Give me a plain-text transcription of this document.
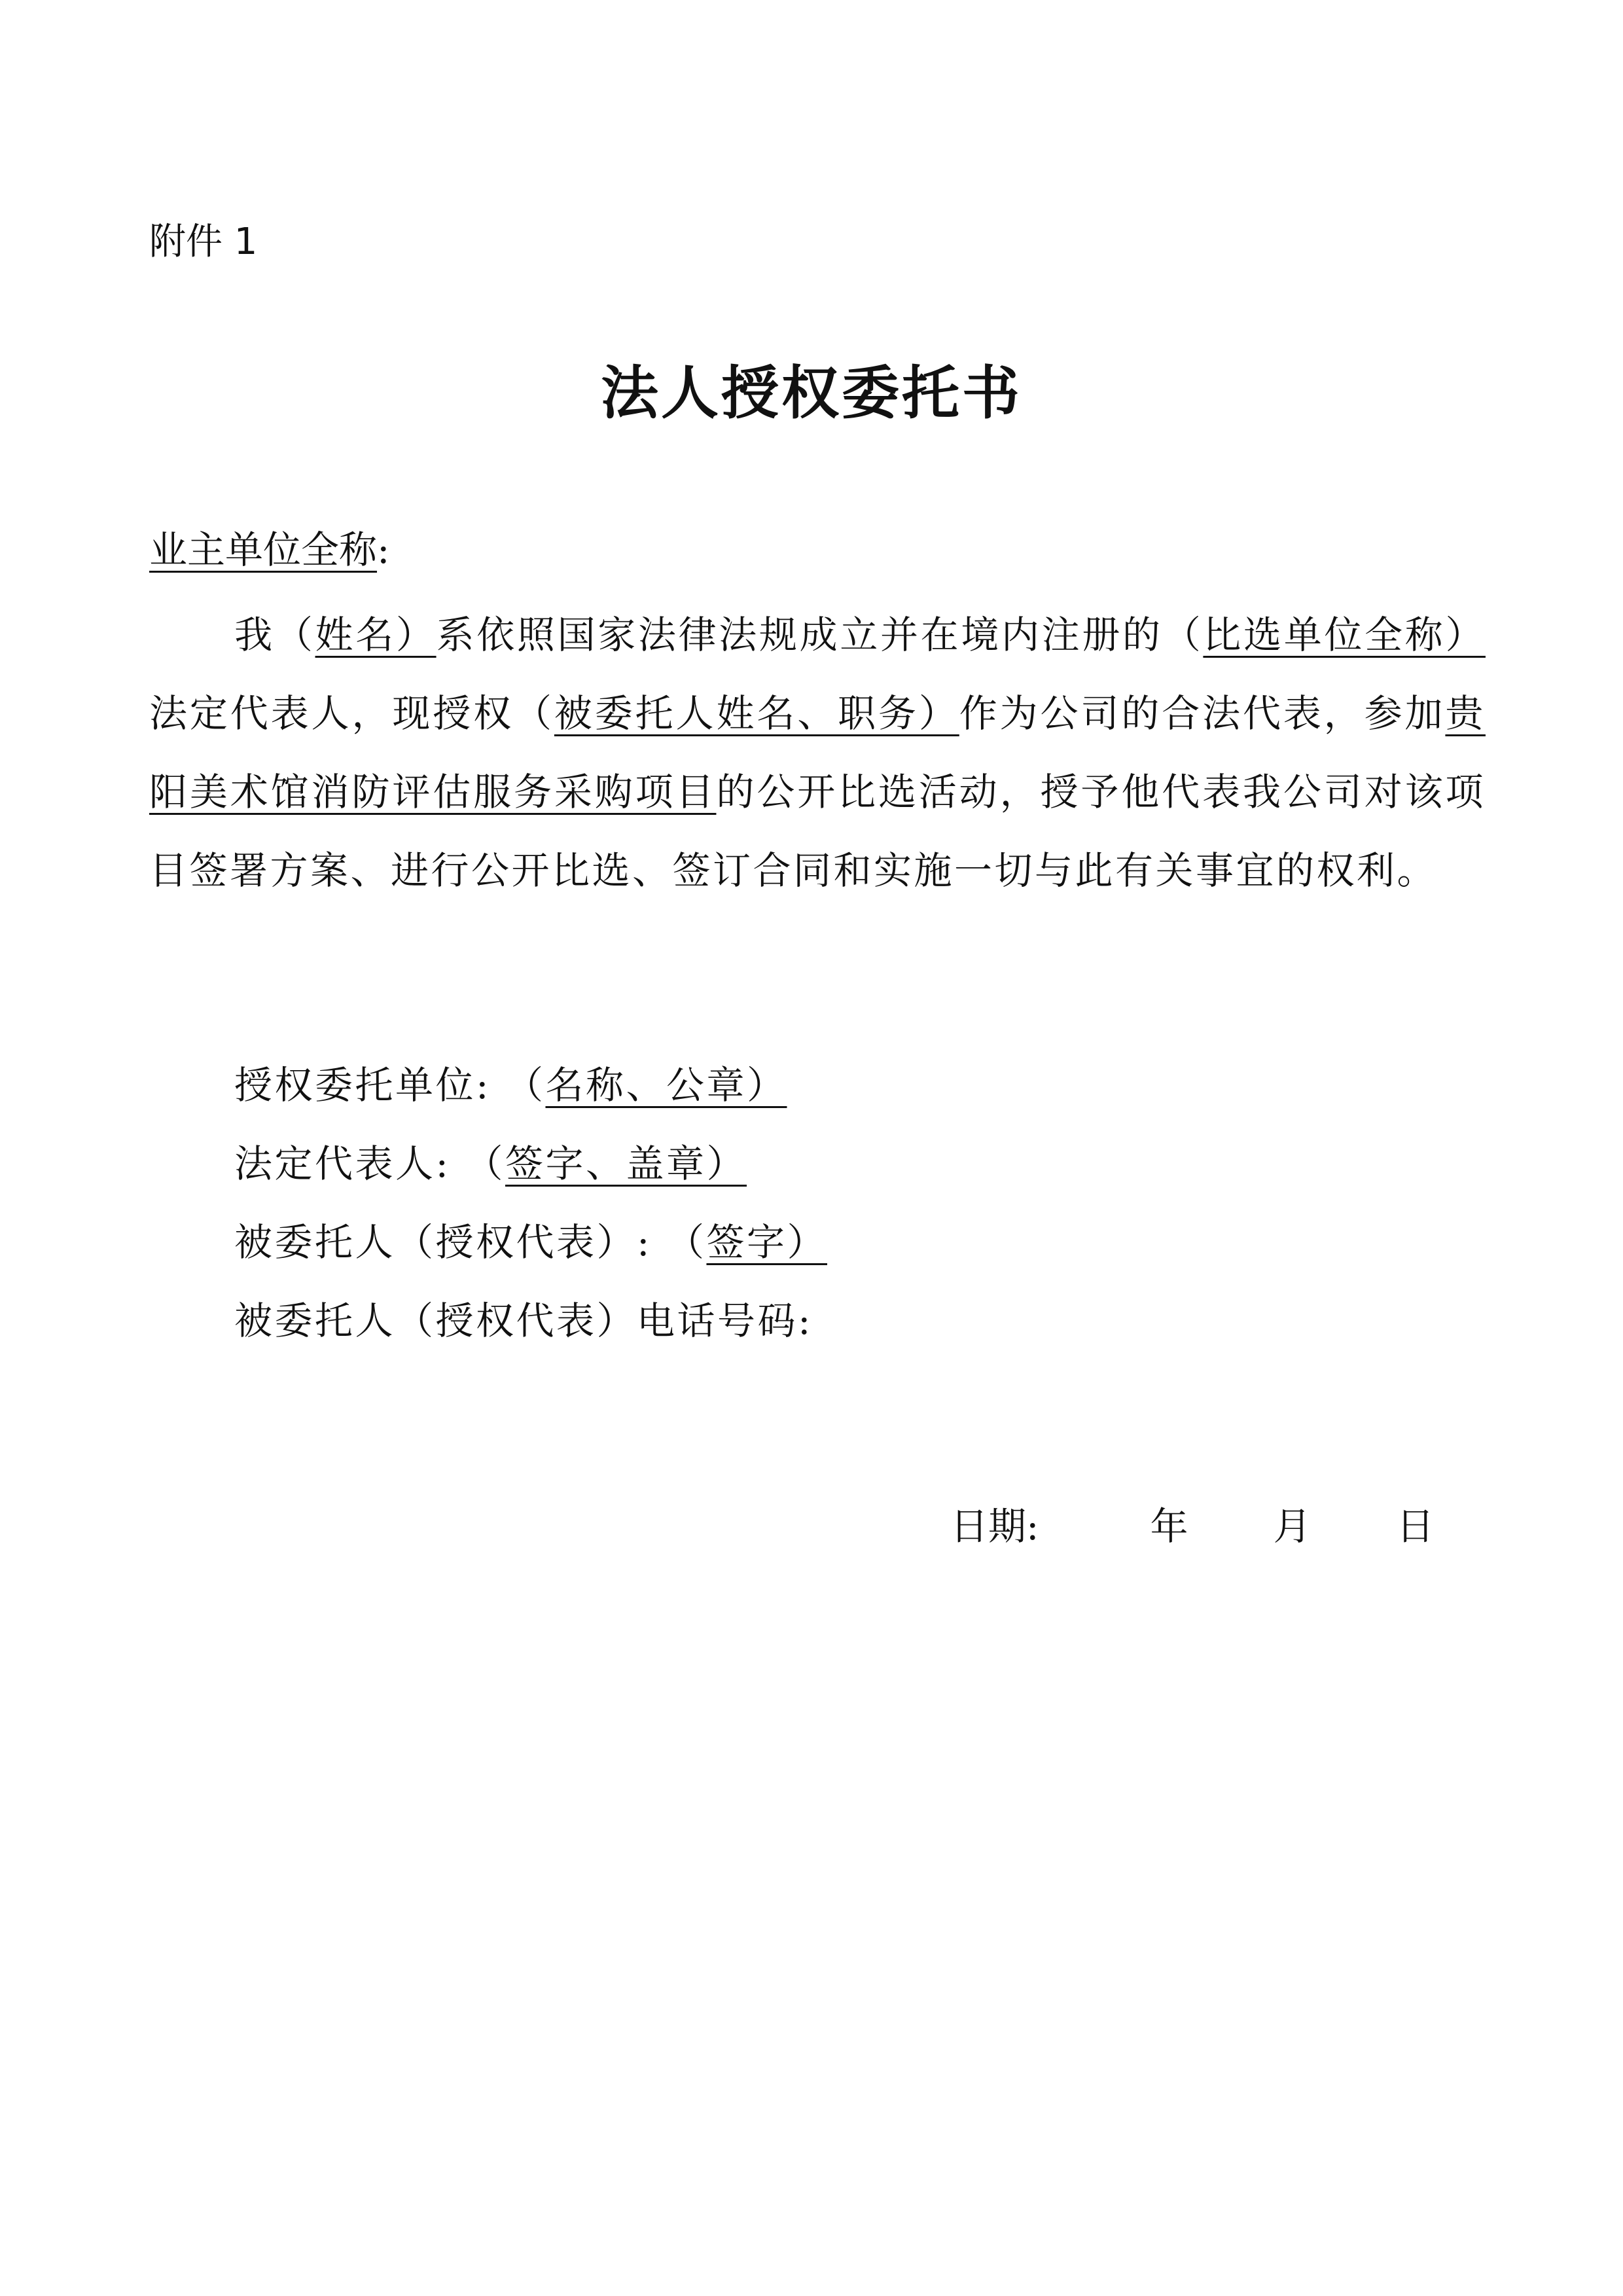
附件 1

法人授权委托书

业主单位全称:

我（姓名）系依照国家法律法规成立并在境内注册的（比选单位全称）法定代表人，现授权（被委托人姓名、职务）作为公司的合法代表，参加贵阳美术馆消防评估服务采购项目的公开比选活动，授予他代表我公司对该项目签署方案、进行公开比选、签订合同和实施一切与此有关事宜的权利。

授权委托单位: （名称、公章）

法定代表人: （签字、盖章）

被委托人（授权代表）: （签字）

被委托人（授权代表）电话号码:

日期:	年 月 日
